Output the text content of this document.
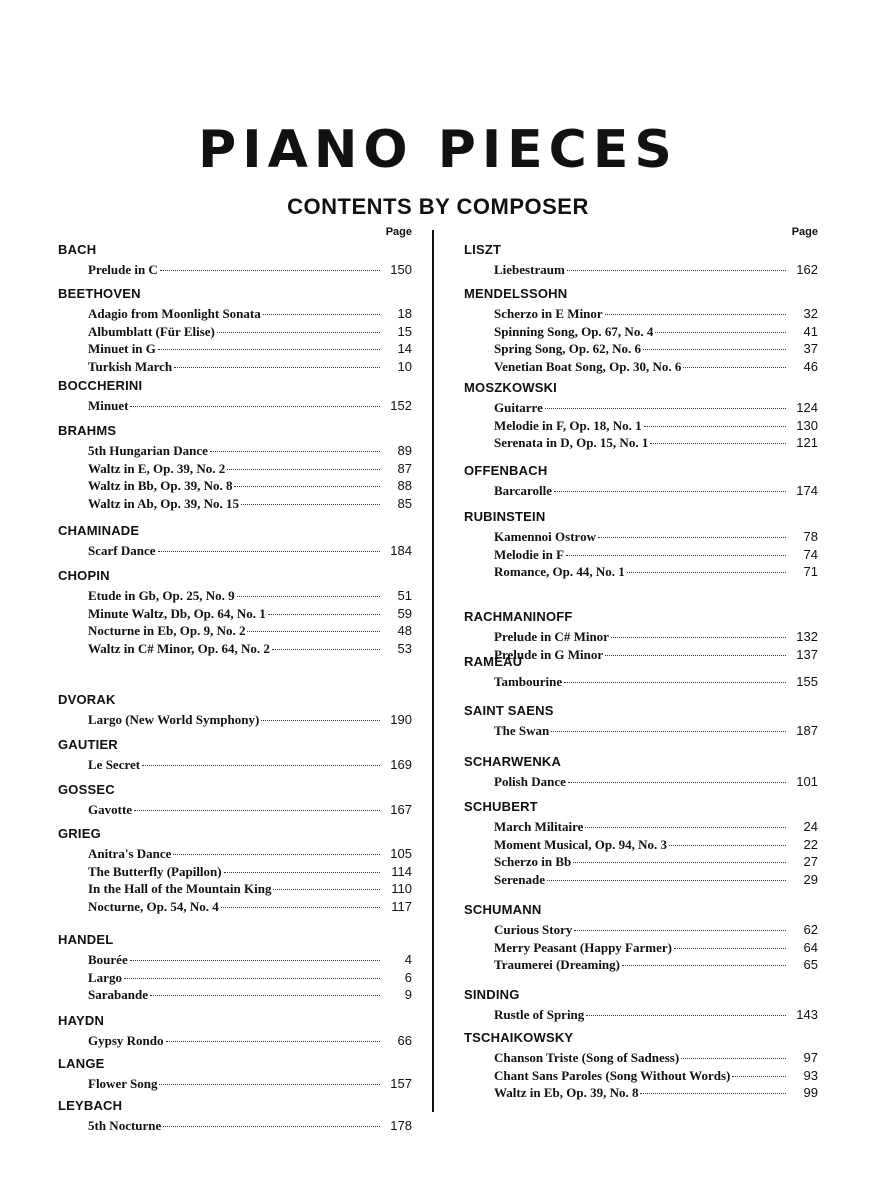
PIANO PIECES
CONTENTS BY COMPOSER
Page
BACH
Prelude in C	150
BEETHOVEN
Adagio from Moonlight Sonata	18
Albumblatt (Für Elise)	15
Minuet in G	14
Turkish March	10
BOCCHERINI
Minuet	152
BRAHMS
5th Hungarian Dance	89
Waltz in E, Op. 39, No. 2	87
Waltz in Bb, Op. 39, No. 8	88
Waltz in Ab, Op. 39, No. 15	85
CHAMINADE
Scarf Dance	184
CHOPIN
Etude in Gb, Op. 25, No. 9	51
Minute Waltz, Db, Op. 64, No. 1	59
Nocturne in Eb, Op. 9, No. 2	48
Waltz in C# Minor, Op. 64, No. 2	53
DVORAK
Largo (New World Symphony)	190
GAUTIER
Le Secret	169
GOSSEC
Gavotte	167
GRIEG
Anitra's Dance	105
The Butterfly (Papillon)	114
In the Hall of the Mountain King	110
Nocturne, Op. 54, No. 4	117
HANDEL
Bourée	4
Largo	6
Sarabande	9
HAYDN
Gypsy Rondo	66
LANGE
Flower Song	157
LEYBACH
5th Nocturne	178
Page
LISZT
Liebestraum	162
MENDELSSOHN
Scherzo in E Minor	32
Spinning Song, Op. 67, No. 4	41
Spring Song, Op. 62, No. 6	37
Venetian Boat Song, Op. 30, No. 6	46
MOSZKOWSKI
Guitarre	124
Melodie in F, Op. 18, No. 1	130
Serenata in D, Op. 15, No. 1	121
OFFENBACH
Barcarolle	174
RUBINSTEIN
Kamennoi Ostrow	78
Melodie in F	74
Romance, Op. 44, No. 1	71
RACHMANINOFF
Prelude in C# Minor	132
Prelude in G Minor	137
RAMEAU
Tambourine	155
SAINT SAENS
The Swan	187
SCHARWENKA
Polish Dance	101
SCHUBERT
March Militaire	24
Moment Musical, Op. 94, No. 3	22
Scherzo in Bb	27
Serenade	29
SCHUMANN
Curious Story	62
Merry Peasant (Happy Farmer)	64
Traumerei (Dreaming)	65
SINDING
Rustle of Spring	143
TSCHAIKOWSKY
Chanson Triste (Song of Sadness)	97
Chant Sans Paroles (Song Without Words)	93
Waltz in Eb, Op. 39, No. 8	99
